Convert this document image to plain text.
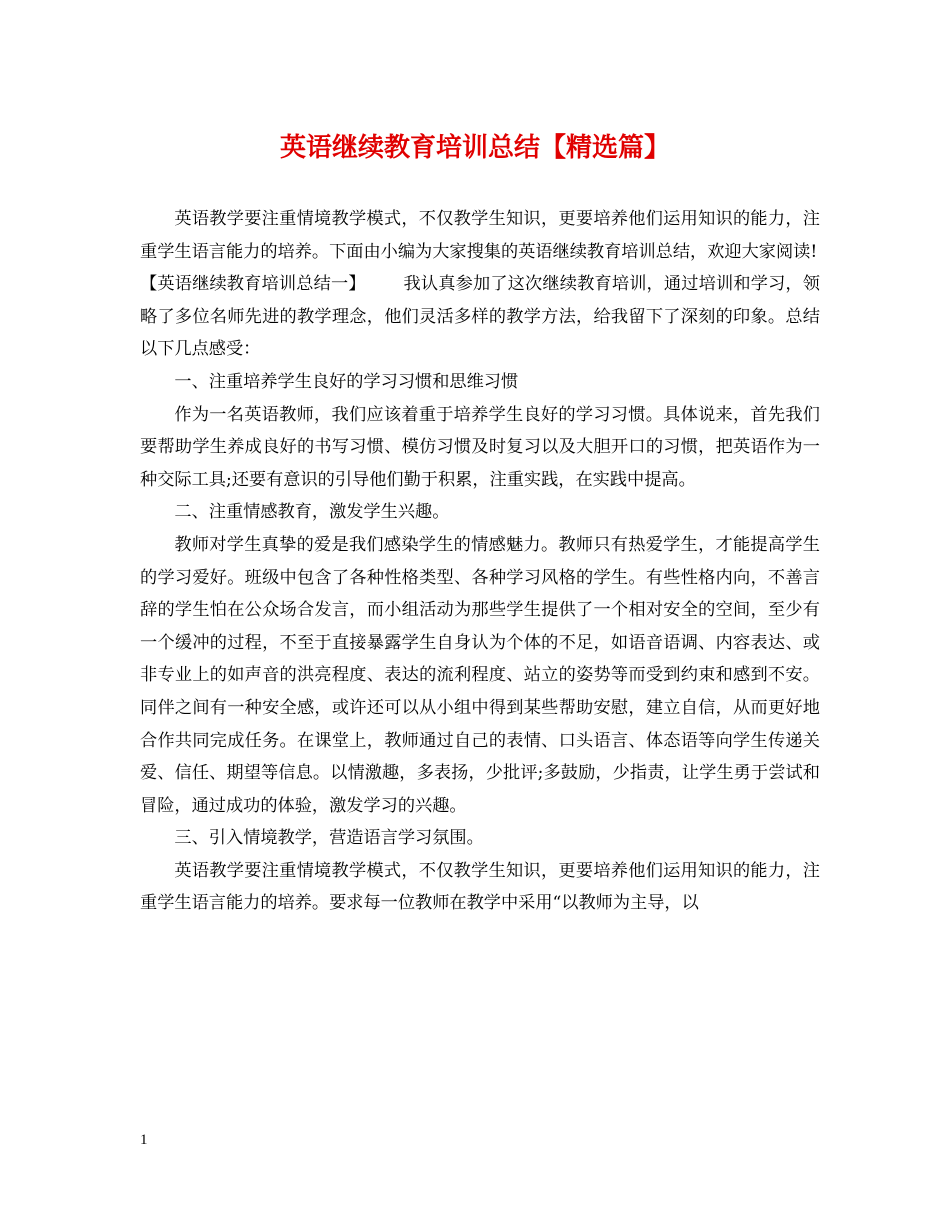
英语继续教育培训总结【精选篇】

英语教学要注重情境教学模式，不仅教学生知识，更要培养他们运用知识的能力，注重学生语言能力的培养。下面由小编为大家搜集的英语继续教育培训总结，欢迎大家阅读!

【英语继续教育培训总结一】 我认真参加了这次继续教育培训，通过培训和学习，领略了多位名师先进的教学理念，他们灵活多样的教学方法，给我留下了深刻的印象。总结以下几点感受：

一、注重培养学生良好的学习习惯和思维习惯

作为一名英语教师，我们应该着重于培养学生良好的学习习惯。具体说来，首先我们要帮助学生养成良好的书写习惯、模仿习惯及时复习以及大胆开口的习惯，把英语作为一种交际工具;还要有意识的引导他们勤于积累，注重实践，在实践中提高。

二、注重情感教育，激发学生兴趣。

教师对学生真挚的爱是我们感染学生的情感魅力。教师只有热爱学生，才能提高学生的学习爱好。班级中包含了各种性格类型、各种学习风格的学生。有些性格内向，不善言辞的学生怕在公众场合发言，而小组活动为那些学生提供了一个相对安全的空间，至少有一个缓冲的过程，不至于直接暴露学生自身认为个体的不足，如语音语调、内容表达、或非专业上的如声音的洪亮程度、表达的流利程度、站立的姿势等而受到约束和感到不安。同伴之间有一种安全感，或许还可以从小组中得到某些帮助安慰，建立自信，从而更好地合作共同完成任务。在课堂上，教师通过自己的表情、口头语言、体态语等向学生传递关爱、信任、期望等信息。以情激趣，多表扬，少批评;多鼓励，少指责，让学生勇于尝试和冒险，通过成功的体验，激发学习的兴趣。

三、引入情境教学，营造语言学习氛围。

英语教学要注重情境教学模式，不仅教学生知识，更要培养他们运用知识的能力，注重学生语言能力的培养。要求每一位教师在教学中采用“以教师为主导，以

1
